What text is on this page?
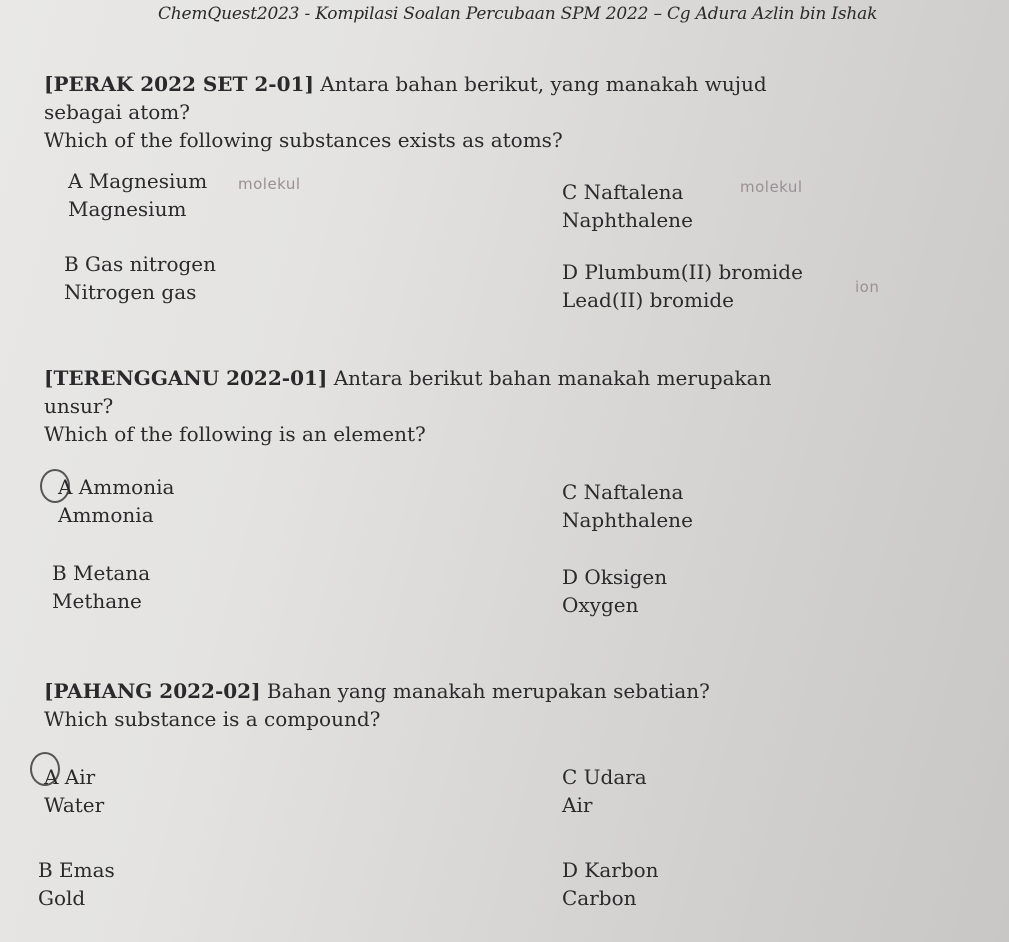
ChemQuest2023 - Kompilasi Soalan Percubaan SPM 2022 – Cg Adura Azlin bin Ishak
[PERAK 2022 SET 2-01] Antara bahan berikut, yang manakah wujud
sebagai atom?
Which of the following substances exists as atoms?
A Magnesium
Magnesium
molekul	C Naftalena
Naphthalene
molekul
B Gas nitrogen
Nitrogen gas
D Plumbum(II) bromide
Lead(II) bromide
ion
[TERENGGANU 2022-01] Antara berikut bahan manakah merupakan
unsur?
Which of the following is an element?
A Ammonia
Ammonia
C Naftalena
Naphthalene
B Metana
Methane
D Oksigen
Oxygen
[PAHANG 2022-02] Bahan yang manakah merupakan sebatian?
Which substance is a compound?
A Air
Water
C Udara
Air
B Emas
Gold
D Karbon
Carbon
